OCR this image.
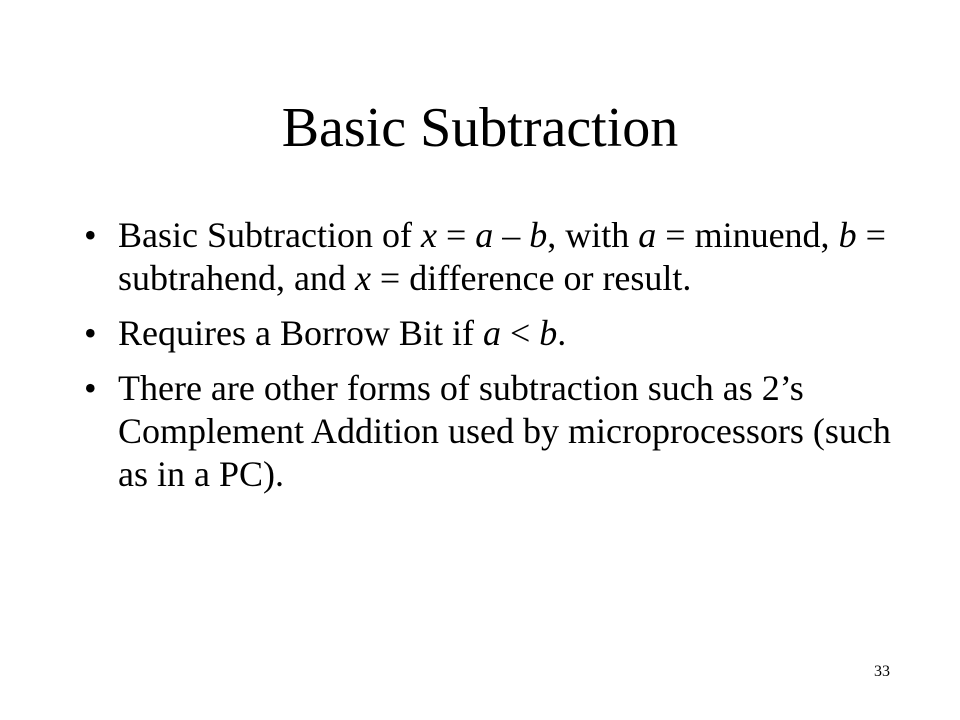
Basic Subtraction
• Basic Subtraction of x = a – b, with a = minuend, b = subtrahend, and x = difference or result.
• Requires a Borrow Bit if a < b.
• There are other forms of subtraction such as 2’s Complement Addition used by microprocessors (such as in a PC).
33
